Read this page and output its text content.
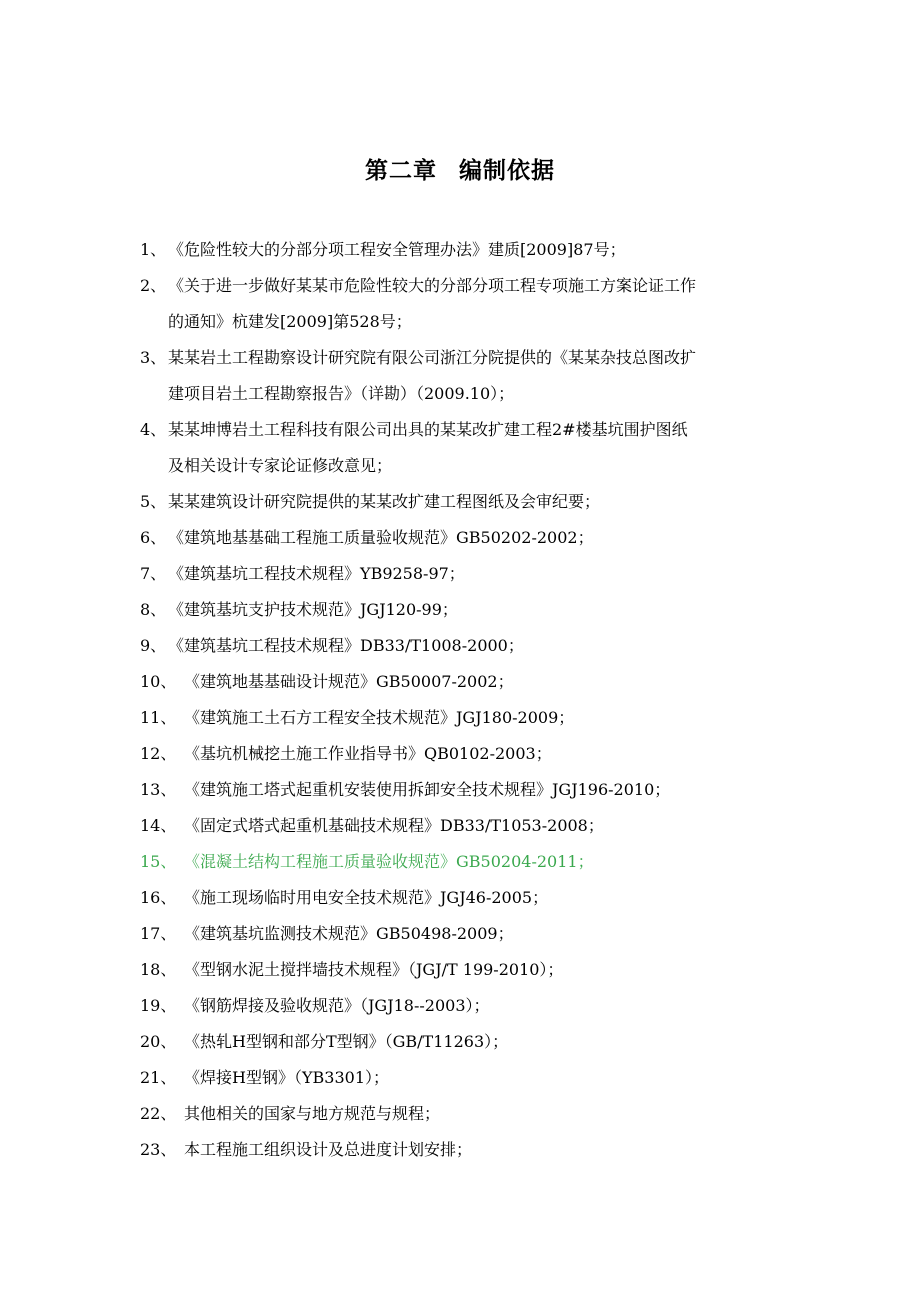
第二章 编制依据
1、 《危险性较大的分部分项工程安全管理办法》建质[2009]87号；
2、 《关于进一步做好某某市危险性较大的分部分项工程专项施工方案论证工作
的通知》杭建发[2009]第528号；
3、 某某岩土工程勘察设计研究院有限公司浙江分院提供的《某某杂技总图改扩
建项目岩土工程勘察报告》（详勘）（2009.10）；
4、 某某坤博岩土工程科技有限公司出具的某某改扩建工程2#楼基坑围护图纸
及相关设计专家论证修改意见；
5、 某某建筑设计研究院提供的某某改扩建工程图纸及会审纪要；
6、 《建筑地基基础工程施工质量验收规范》GB50202-2002；
7、 《建筑基坑工程技术规程》YB9258-97；
8、 《建筑基坑支护技术规范》JGJ120-99；
9、 《建筑基坑工程技术规程》DB33/T1008-2000；
10、 《建筑地基基础设计规范》GB50007-2002；
11、 《建筑施工土石方工程安全技术规范》JGJ180-2009；
12、 《基坑机械挖土施工作业指导书》QB0102-2003；
13、 《建筑施工塔式起重机安装使用拆卸安全技术规程》JGJ196-2010；
14、 《固定式塔式起重机基础技术规程》DB33/T1053-2008；
15、 《混凝土结构工程施工质量验收规范》GB50204-2011；
16、 《施工现场临时用电安全技术规范》JGJ46-2005；
17、 《建筑基坑监测技术规范》GB50498-2009；
18、 《型钢水泥土搅拌墙技术规程》（JGJ/T 199-2010）；
19、 《钢筋焊接及验收规范》（JGJ18--2003）；
20、 《热轧H型钢和部分T型钢》（GB/T11263）；
21、 《焊接H型钢》（YB3301）；
22、 其他相关的国家与地方规范与规程；
23、 本工程施工组织设计及总进度计划安排；
